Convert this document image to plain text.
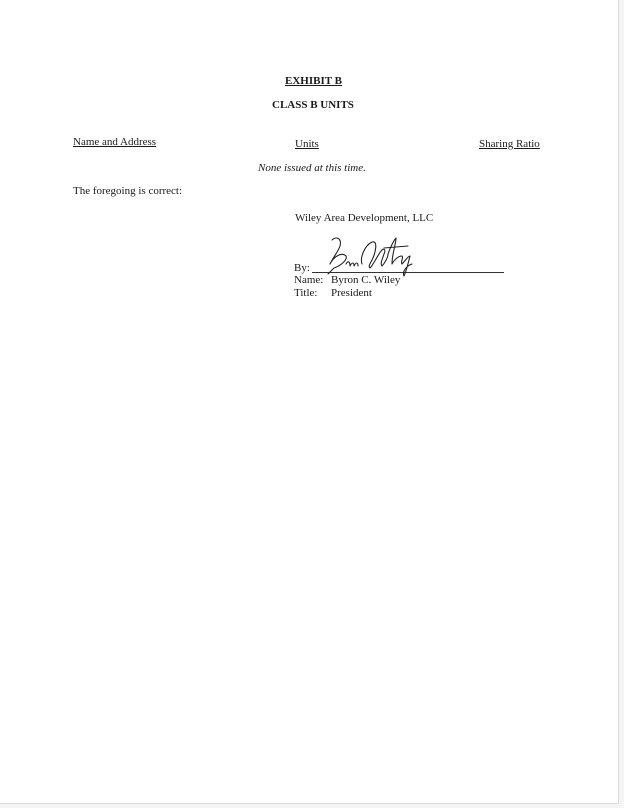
EXHIBIT B
CLASS B UNITS
Name and Address	Units	Sharing Ratio
None issued at this time.
The foregoing is correct:
Wiley Area Development, LLC
By:
Name: Byron C. Wiley
Title: President
